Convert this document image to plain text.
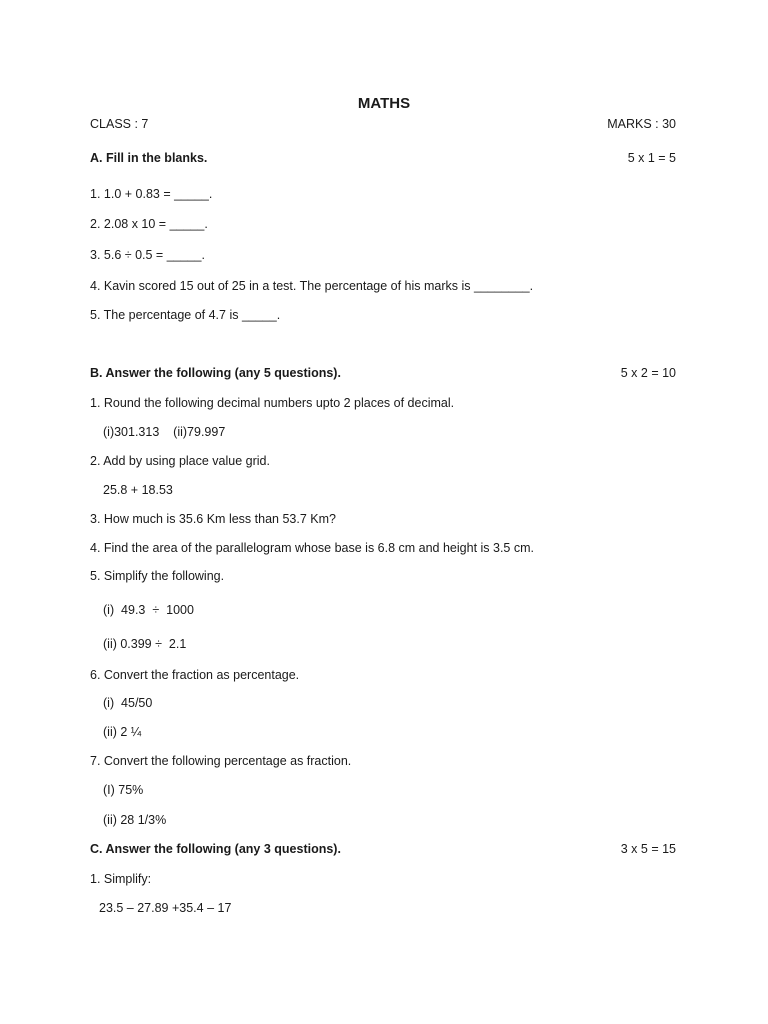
MATHS
CLASS : 7	MARKS : 30
A. Fill in the blanks.	5 x 1 = 5
1. 1.0 + 0.83 = _____.
2. 2.08 x 10 = _____.
3. 5.6 ÷ 0.5 = _____.
4. Kavin scored 15 out of 25 in a test. The percentage of his marks is ________.
5. The percentage of 4.7 is _____.
B. Answer the following (any 5 questions).	5 x 2 = 10
1. Round the following decimal numbers upto 2 places of decimal.
(i)301.313    (ii)79.997
2. Add by using place value grid.
25.8 + 18.53
3. How much is 35.6 Km less than 53.7 Km?
4. Find the area of the parallelogram whose base is 6.8 cm and height is 3.5 cm.
5. Simplify the following.
(i)  49.3  ÷  1000
(ii) 0.399 ÷  2.1
6. Convert the fraction as percentage.
(i)  45/50
(ii) 2 ¼
7. Convert the following percentage as fraction.
(I) 75%
(ii) 28 1/3%
C. Answer the following (any 3 questions).	3 x 5 = 15
1. Simplify:
23.5 – 27.89 +35.4 – 17
